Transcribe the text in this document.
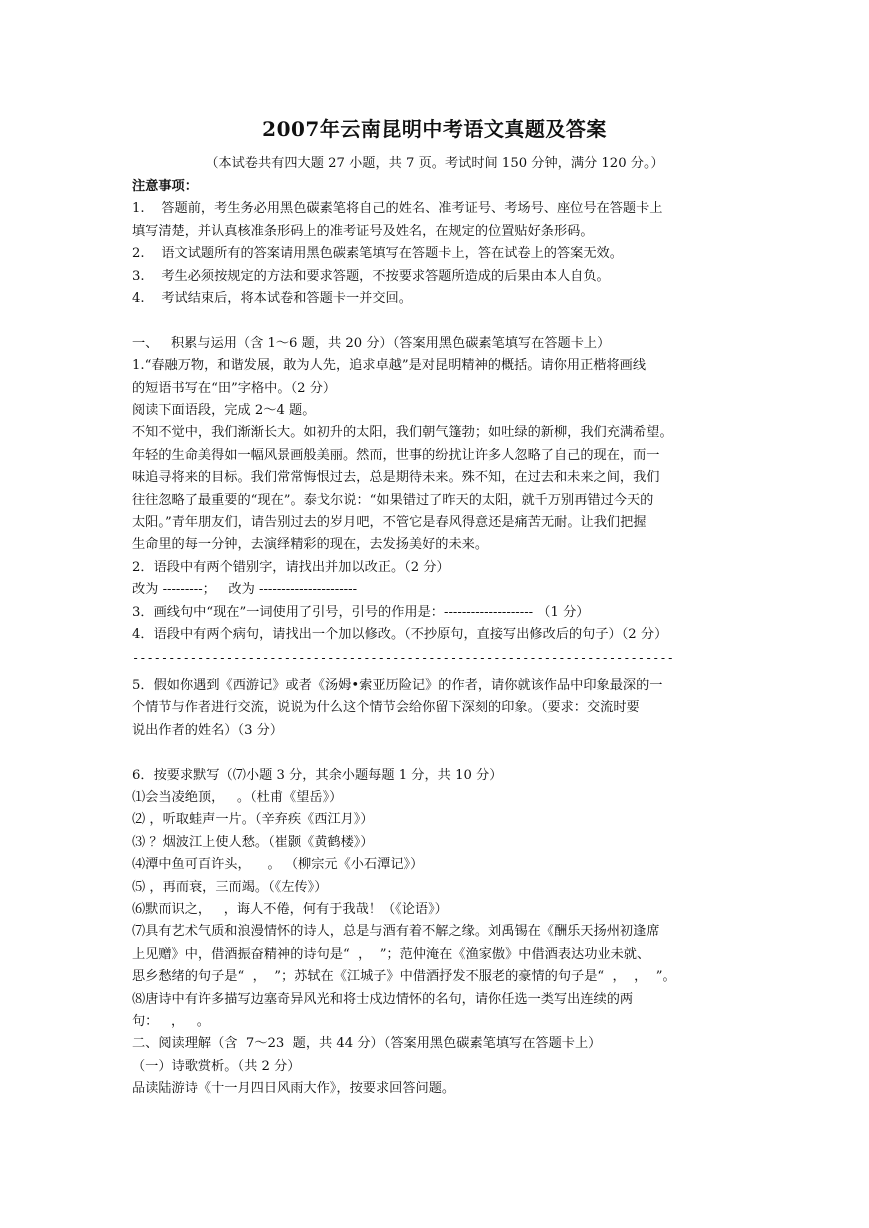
2007年云南昆明中考语文真题及答案
（本试卷共有四大题 27 小题，共 7 页。考试时间 150 分钟，满分 120 分。）

注意事项：

1.    答题前，考生务必用黑色碳素笔将自己的姓名、准考证号、考场号、座位号在答题卡上

填写清楚，并认真核准条形码上的准考证号及姓名，在规定的位置贴好条形码。

2.    语文试题所有的答案请用黑色碳素笔填写在答题卡上，答在试卷上的答案无效。

3.    考生必须按规定的方法和要求答题，不按要求答题所造成的后果由本人自负。

4.    考试结束后，将本试卷和答题卡一并交回。

一、   积累与运用（含 1～6 题，共 20 分）（答案用黑色碳素笔填写在答题卡上）

1.“春融万物，和谐发展，敢为人先，追求卓越”是对昆明精神的概括。请你用正楷将画线

的短语书写在“田”字格中。（2 分）

阅读下面语段，完成 2～4 题。

不知不觉中，我们渐渐长大。如初升的太阳，我们朝气篷勃；如吐绿的新柳，我们充满希望。

年轻的生命美得如一幅风景画般美丽。然而，世事的纷扰让许多人忽略了自己的现在，而一

味追寻将来的目标。我们常常悔恨过去，总是期待未来。殊不知，在过去和未来之间，我们

往往忽略了最重要的“现在”。泰戈尔说：“如果错过了昨天的太阳，就千万别再错过今天的

太阳。”青年朋友们，请告别过去的岁月吧，不管它是春风得意还是痛苦无耐。让我们把握

生命里的每一分钟，去演绎精彩的现在，去发扬美好的未来。

2．语段中有两个错别字，请找出并加以改正。（2 分）

改为 ---------；   改为 ----------------------

3．画线句中“现在”一词使用了引号，引号的作用是：-------------------- （1 分）

4．语段中有两个病句，请找出一个加以修改。（不抄原句，直接写出修改后的句子）（2 分）

---------------------------------------------------------------------------

5．假如你遇到《西游记》或者《汤姆•索亚历险记》的作者，请你就该作品中印象最深的一

个情节与作者进行交流，说说为什么这个情节会给你留下深刻的印象。（要求：交流时要

说出作者的姓名）（3 分）

6．按要求默写（⑺小题 3 分，其余小题每题 1 分，共 10 分）

⑴会当凌绝顶，   。（杜甫《望岳》）

⑵ ，听取蛙声一片。（辛弃疾《西江月》）

⑶ ？烟波江上使人愁。（崔颢《黄鹤楼》）

⑷潭中鱼可百许头，    。 （柳宗元《小石潭记》）

⑸ ，再而衰，三而竭。（《左传》）

⑹默而识之，   ，诲人不倦，何有于我哉！（《论语》）

⑺具有艺术气质和浪漫情怀的诗人，总是与酒有着不解之缘。刘禹锡在《酬乐天扬州初逢席

上见赠》中，借酒振奋精神的诗句是“  ，  ”；范仲淹在《渔家傲》中借酒表达功业未就、

思乡愁绪的句子是“  ，  ”；苏轼在《江城子》中借酒抒发不服老的豪情的句子是“  ，  ，  ”。

⑻唐诗中有许多描写边塞奇异风光和将士戍边情怀的名句，请你任选一类写出连续的两

句：   ，   。

二、阅读理解（含  7～23  题，共 44 分）（答案用黑色碳素笔填写在答题卡上）

（一）诗歌赏析。（共 2 分）

品读陆游诗《十一月四日风雨大作》，按要求回答问题。
